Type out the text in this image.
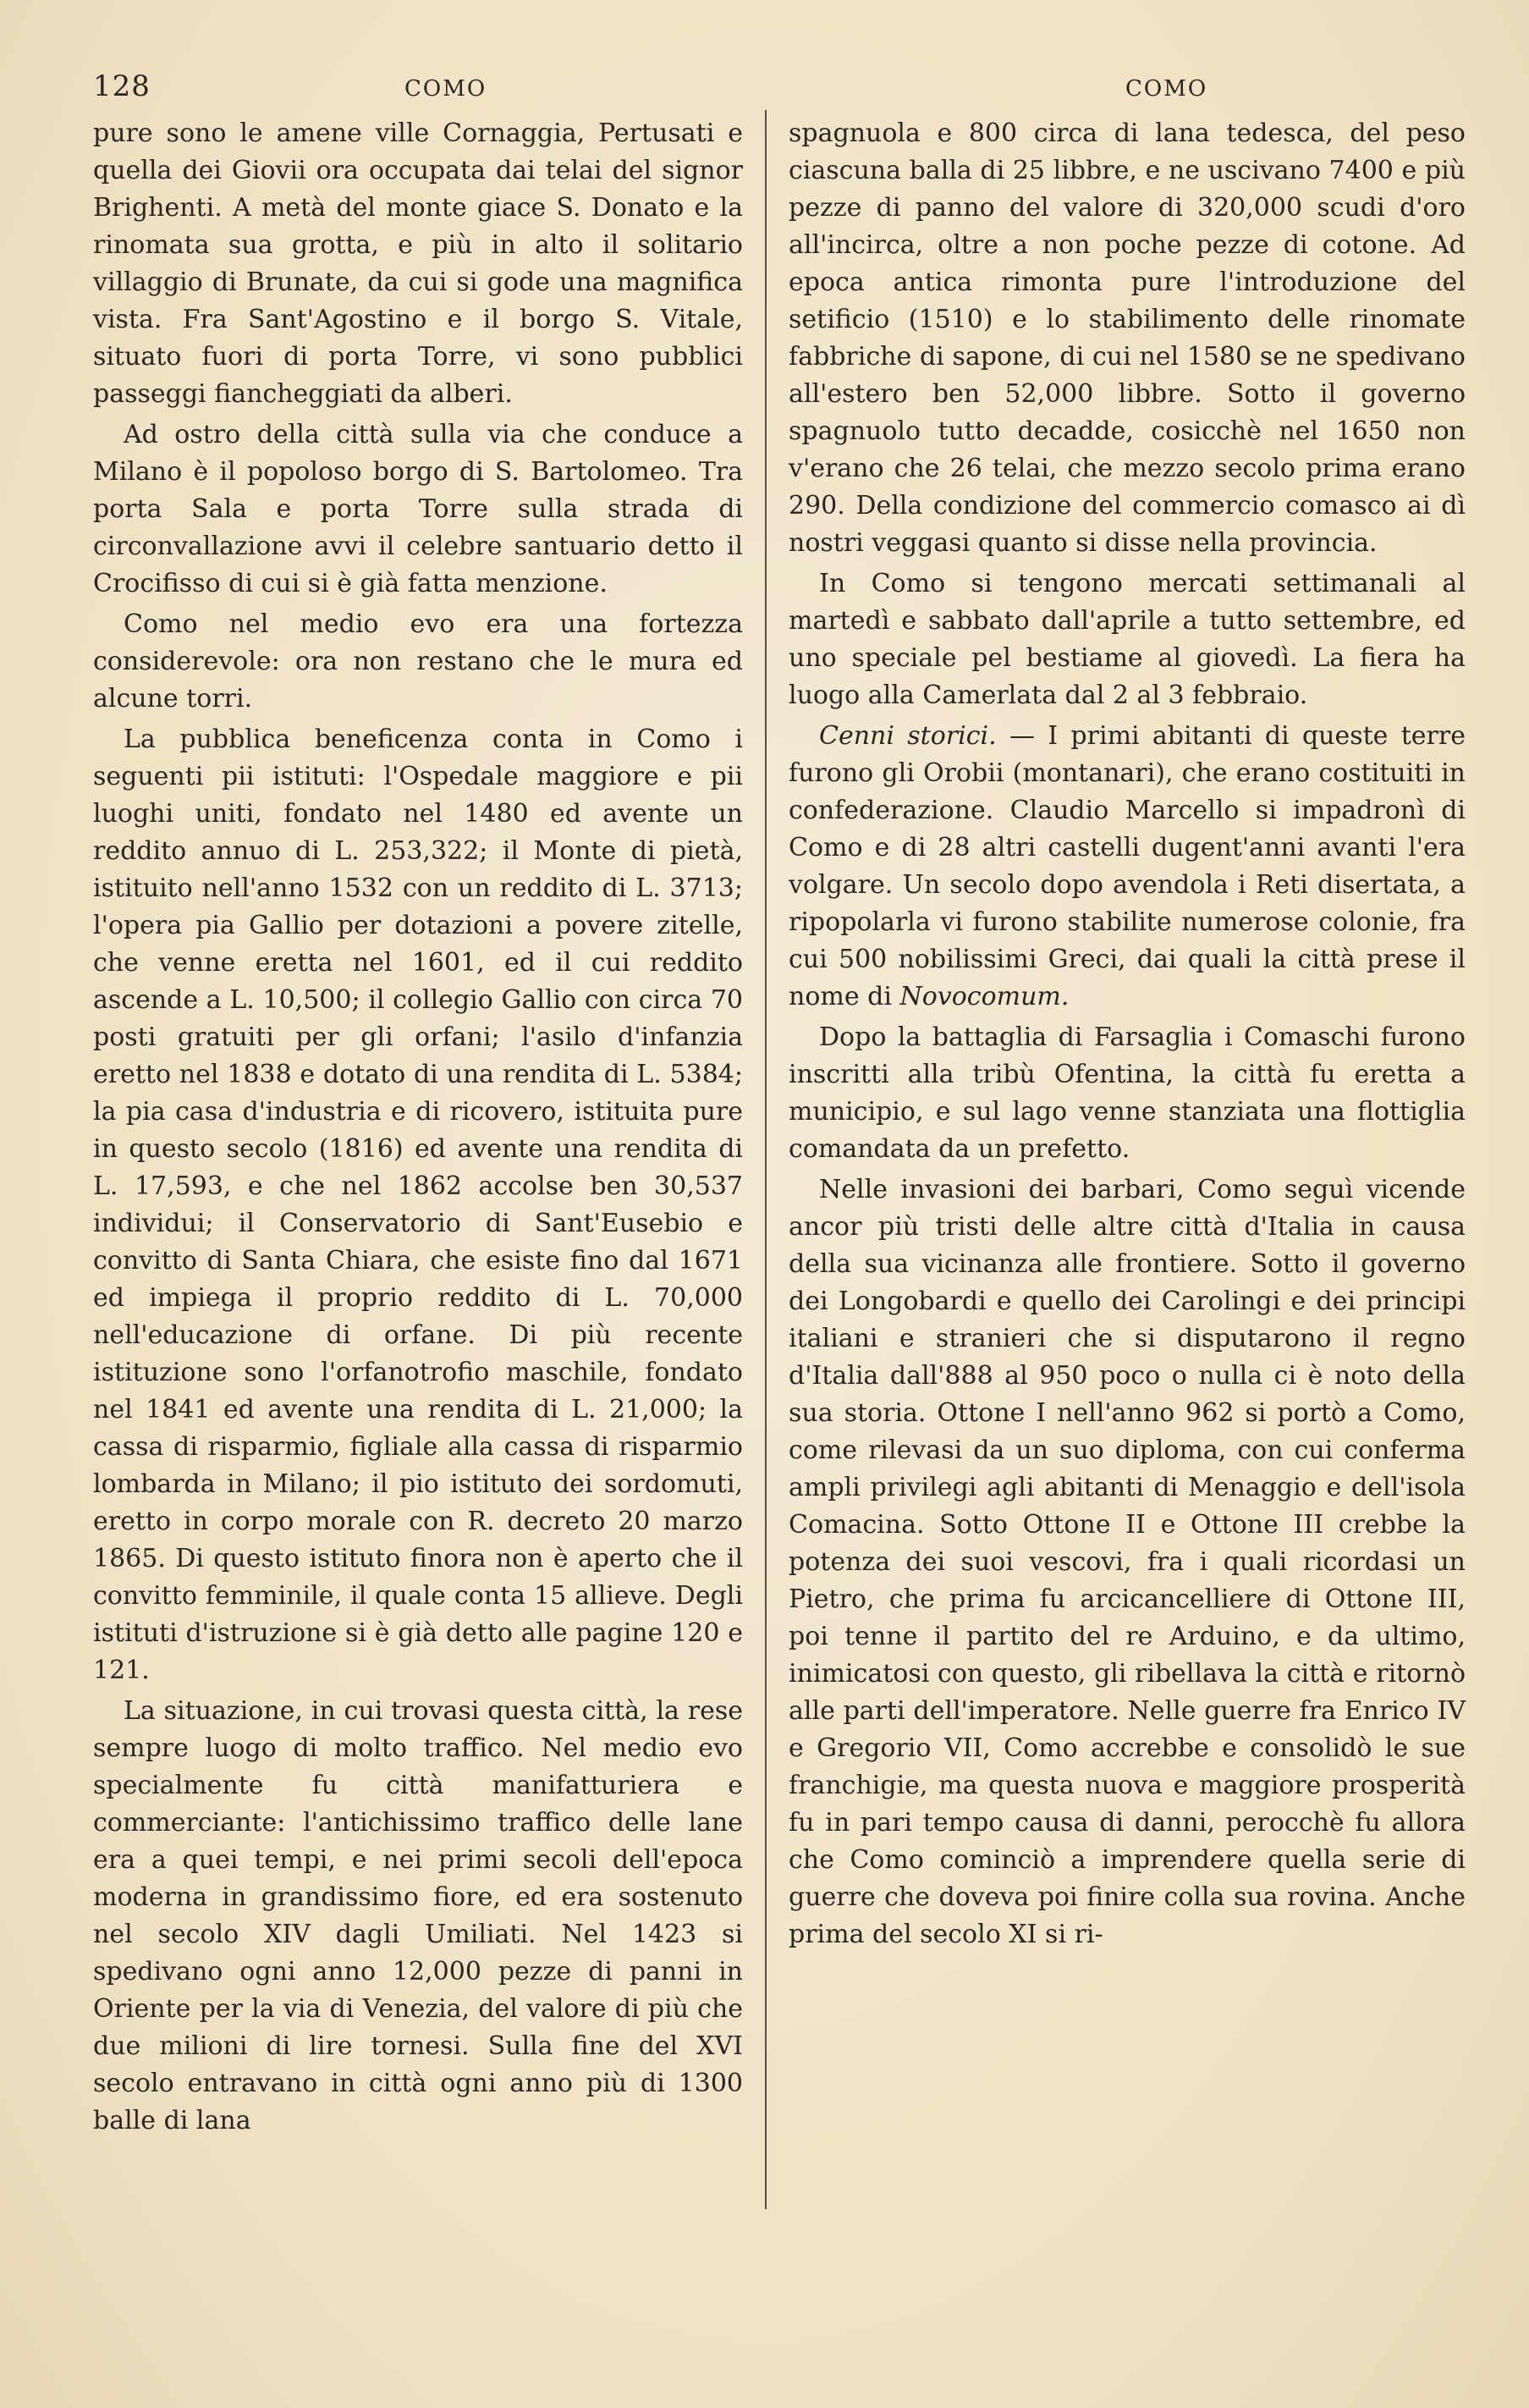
128	COMO	COMO

pure sono le amene ville Cornaggia, Pertusati e quella dei Giovii ora occupata dai telai del signor Brighenti. A metà del monte giace S. Donato e la rinomata sua grotta, e più in alto il solitario villaggio di Brunate, da cui si gode una magnifica vista. Fra Sant'Agostino e il borgo S. Vitale, situato fuori di porta Torre, vi sono pubblici passeggi fiancheggiati da alberi.

Ad ostro della città sulla via che conduce a Milano è il popoloso borgo di S. Bartolomeo. Tra porta Sala e porta Torre sulla strada di circonvallazione avvi il celebre santuario detto il Crocifisso di cui si è già fatta menzione.

Como nel medio evo era una fortezza considerevole: ora non restano che le mura ed alcune torri.

La pubblica beneficenza conta in Como i seguenti pii istituti: l'Ospedale maggiore e pii luoghi uniti, fondato nel 1480 ed avente un reddito annuo di L. 253,322; il Monte di pietà, istituito nell'anno 1532 con un reddito di L. 3713; l'opera pia Gallio per dotazioni a povere zitelle, che venne eretta nel 1601, ed il cui reddito ascende a L. 10,500; il collegio Gallio con circa 70 posti gratuiti per gli orfani; l'asilo d'infanzia eretto nel 1838 e dotato di una rendita di L. 5384; la pia casa d'industria e di ricovero, istituita pure in questo secolo (1816) ed avente una rendita di L. 17,593, e che nel 1862 accolse ben 30,537 individui; il Conservatorio di Sant'Eusebio e convitto di Santa Chiara, che esiste fino dal 1671 ed impiega il proprio reddito di L. 70,000 nell'educazione di orfane. Di più recente istituzione sono l'orfanotrofio maschile, fondato nel 1841 ed avente una rendita di L. 21,000; la cassa di risparmio, figliale alla cassa di risparmio lombarda in Milano; il pio istituto dei sordomuti, eretto in corpo morale con R. decreto 20 marzo 1865. Di questo istituto finora non è aperto che il convitto femminile, il quale conta 15 allieve. Degli istituti d'istruzione si è già detto alle pagine 120 e 121.

La situazione, in cui trovasi questa città, la rese sempre luogo di molto traffico. Nel medio evo specialmente fu città manifatturiera e commerciante: l'antichissimo traffico delle lane era a quei tempi, e nei primi secoli dell'epoca moderna in grandissimo fiore, ed era sostenuto nel secolo XIV dagli Umiliati. Nel 1423 si spedivano ogni anno 12,000 pezze di panni in Oriente per la via di Venezia, del valore di più che due milioni di lire tornesi. Sulla fine del XVI secolo entravano in città ogni anno più di 1300 balle di lana

spagnuola e 800 circa di lana tedesca, del peso ciascuna balla di 25 libbre, e ne uscivano 7400 e più pezze di panno del valore di 320,000 scudi d'oro all'incirca, oltre a non poche pezze di cotone. Ad epoca antica rimonta pure l'introduzione del setificio (1510) e lo stabilimento delle rinomate fabbriche di sapone, di cui nel 1580 se ne spedivano all'estero ben 52,000 libbre. Sotto il governo spagnuolo tutto decadde, cosicchè nel 1650 non v'erano che 26 telai, che mezzo secolo prima erano 290. Della condizione del commercio comasco ai dì nostri veggasi quanto si disse nella provincia.

In Como si tengono mercati settimanali al martedì e sabbato dall'aprile a tutto settembre, ed uno speciale pel bestiame al giovedì. La fiera ha luogo alla Camerlata dal 2 al 3 febbraio.

Cenni storici. — I primi abitanti di queste terre furono gli Orobii (montanari), che erano costituiti in confederazione. Claudio Marcello si impadronì di Como e di 28 altri castelli dugent'anni avanti l'era volgare. Un secolo dopo avendola i Reti disertata, a ripopolarla vi furono stabilite numerose colonie, fra cui 500 nobilissimi Greci, dai quali la città prese il nome di Novocomum.

Dopo la battaglia di Farsaglia i Comaschi furono inscritti alla tribù Ofentina, la città fu eretta a municipio, e sul lago venne stanziata una flottiglia comandata da un prefetto.

Nelle invasioni dei barbari, Como seguì vicende ancor più tristi delle altre città d'Italia in causa della sua vicinanza alle frontiere. Sotto il governo dei Longobardi e quello dei Carolingi e dei principi italiani e stranieri che si disputarono il regno d'Italia dall'888 al 950 poco o nulla ci è noto della sua storia. Ottone I nell'anno 962 si portò a Como, come rilevasi da un suo diploma, con cui conferma ampli privilegi agli abitanti di Menaggio e dell'isola Comacina. Sotto Ottone II e Ottone III crebbe la potenza dei suoi vescovi, fra i quali ricordasi un Pietro, che prima fu arcicancelliere di Ottone III, poi tenne il partito del re Arduino, e da ultimo, inimicatosi con questo, gli ribellava la città e ritornò alle parti dell'imperatore. Nelle guerre fra Enrico IV e Gregorio VII, Como accrebbe e consolidò le sue franchigie, ma questa nuova e maggiore prosperità fu in pari tempo causa di danni, perocchè fu allora che Como cominciò a imprendere quella serie di guerre che doveva poi finire colla sua rovina. Anche prima del secolo XI si ri-
